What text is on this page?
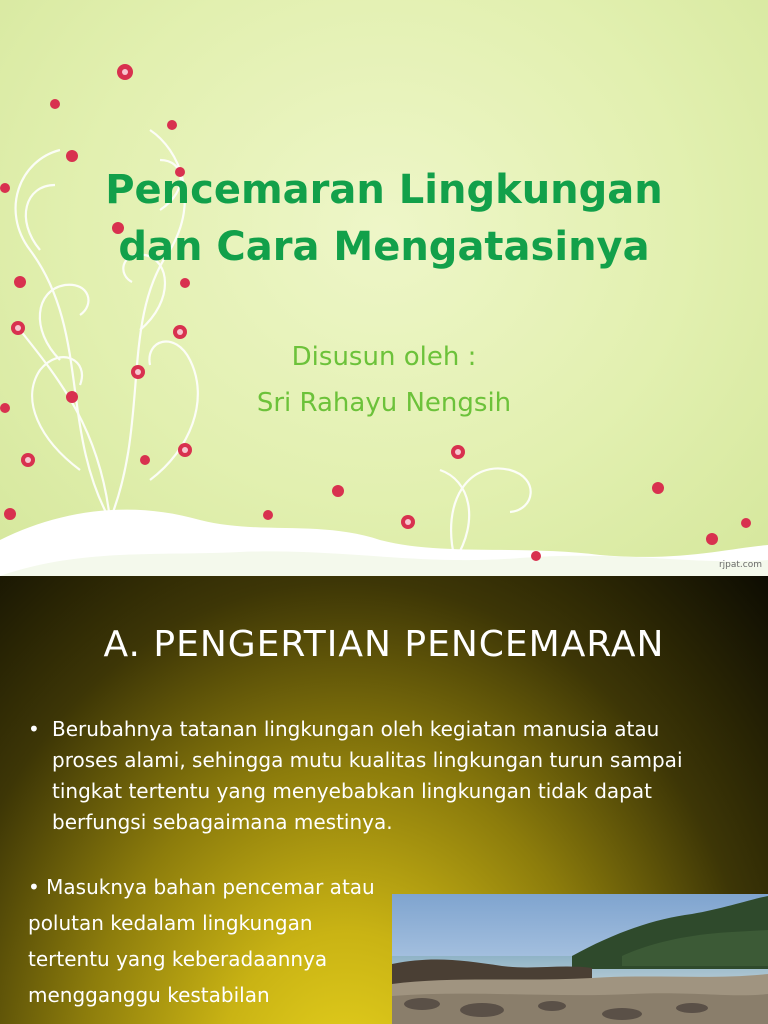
Pencemaran Lingkungan dan Cara Mengatasinya
Disusun oleh :
Sri Rahayu Nengsih
rjpat.com
A. PENGERTIAN PENCEMARAN
• Berubahnya tatanan lingkungan oleh kegiatan manusia atau proses alami, sehingga mutu kualitas lingkungan turun sampai tingkat tertentu yang menyebabkan lingkungan tidak dapat berfungsi sebagaimana mestinya.
• Masuknya bahan pencemar atau polutan kedalam lingkungan tertentu yang keberadaannya mengganggu kestabilan
